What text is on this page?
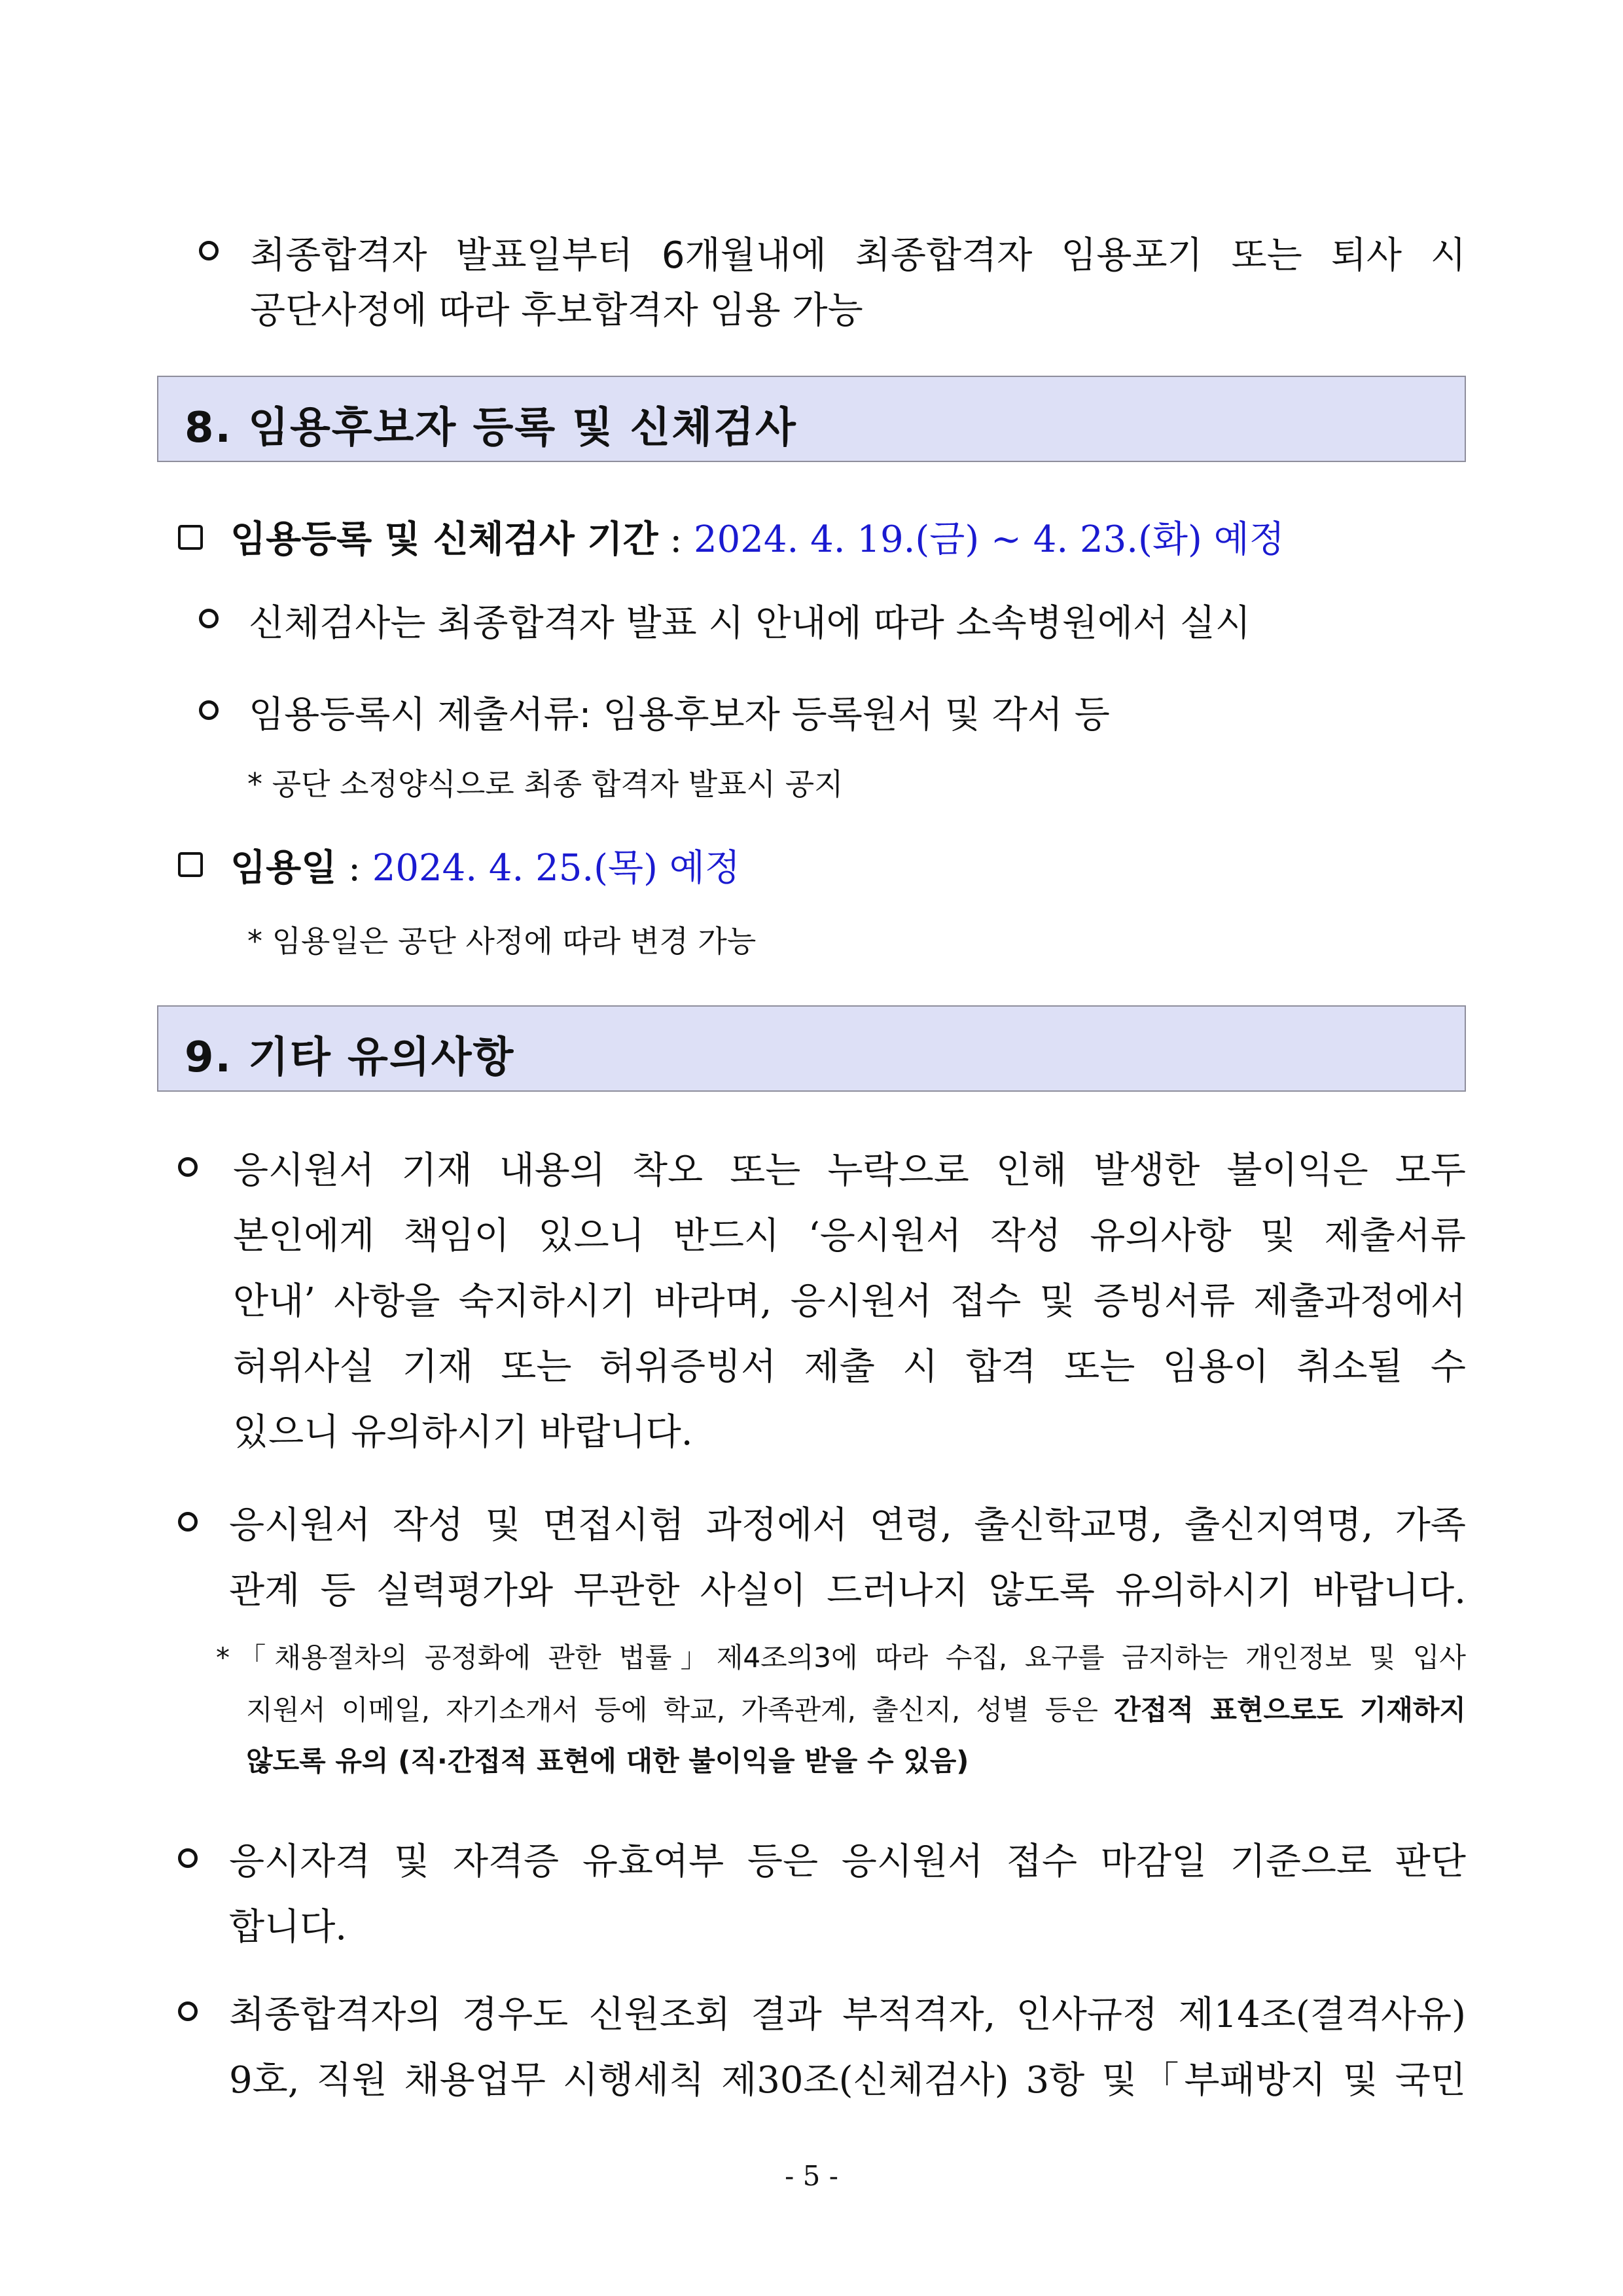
최종합격자 발표일부터 6개월내에 최종합격자 임용포기 또는 퇴사 시
공단사정에 따라 후보합격자 임용 가능
8. 임용후보자 등록 및 신체검사
임용등록 및 신체검사 기간 : 2024. 4. 19.(금) ~ 4. 23.(화) 예정
신체검사는 최종합격자 발표 시 안내에 따라 소속병원에서 실시
임용등록시 제출서류: 임용후보자 등록원서 및 각서 등
* 공단 소정양식으로 최종 합격자 발표시 공지
임용일 : 2024. 4. 25.(목) 예정
* 임용일은 공단 사정에 따라 변경 가능
9. 기타 유의사항
응시원서 기재 내용의 착오 또는 누락으로 인해 발생한 불이익은 모두
본인에게 책임이 있으니 반드시 ‘응시원서 작성 유의사항 및 제출서류
안내’ 사항을 숙지하시기 바라며, 응시원서 접수 및 증빙서류 제출과정에서
허위사실 기재 또는 허위증빙서 제출 시 합격 또는 임용이 취소될 수
있으니 유의하시기 바랍니다.
응시원서 작성 및 면접시험 과정에서 연령, 출신학교명, 출신지역명, 가족
관계 등 실력평가와 무관한 사실이 드러나지 않도록 유의하시기 바랍니다.
*「채용절차의 공정화에 관한 법률」제4조의3에 따라 수집, 요구를 금지하는 개인정보 및 입사
지원서 이메일, 자기소개서 등에 학교, 가족관계, 출신지, 성별 등은 간접적 표현으로도 기재하지
않도록 유의 (직·간접적 표현에 대한 불이익을 받을 수 있음)
응시자격 및 자격증 유효여부 등은 응시원서 접수 마감일 기준으로 판단
합니다.
최종합격자의 경우도 신원조회 결과 부적격자, 인사규정 제14조(결격사유)
9호, 직원 채용업무 시행세칙 제30조(신체검사) 3항 및「부패방지 및 국민
- 5 -
